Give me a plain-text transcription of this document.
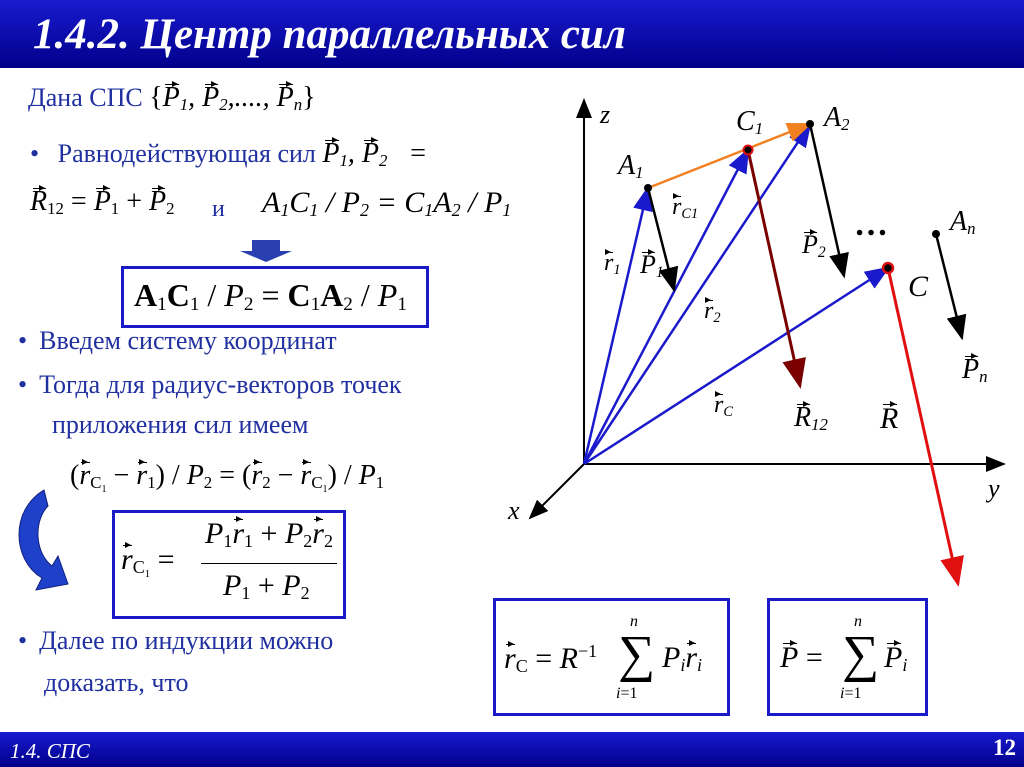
1.4.2. Центр параллельных сил
Дана СПС {$P_1$, $P_2$,...., $P_n$}
• Равнодействующая сил $P_1$, $P_2$   =
$R_{12} = P_1 + P_2$ и $A_1C_1 / P_2 = C_1A_2 / P_1$
$A_1C_1 / P_2 = C_1A_2 / P_1$
• Введем систему координат
• Тогда для радиус-векторов точек
приложения сил имеем
$(r_{C_1} - r_1) / P_2 = (r_2 - r_{C_1}) / P_1$
$r_{C_1}$ =
$P_1r_1 + P_2r_2$
$P_1 + P_2$
• Далее по индукции можно
доказать, что
$r_C = R^{-1}$
n
∑
i=1
$P_ir_i$	P =
n
∑
i=1
$P_i$
z
y
x
$A_1$
$C_1$ $A_2$
$A_n$
C
…
$r_1$
$r_{C1}$
$r_2$
$r_C$
$P_1$
$P_2$
$P_n$
$R_{12}$ R
1.4. СПС	12
